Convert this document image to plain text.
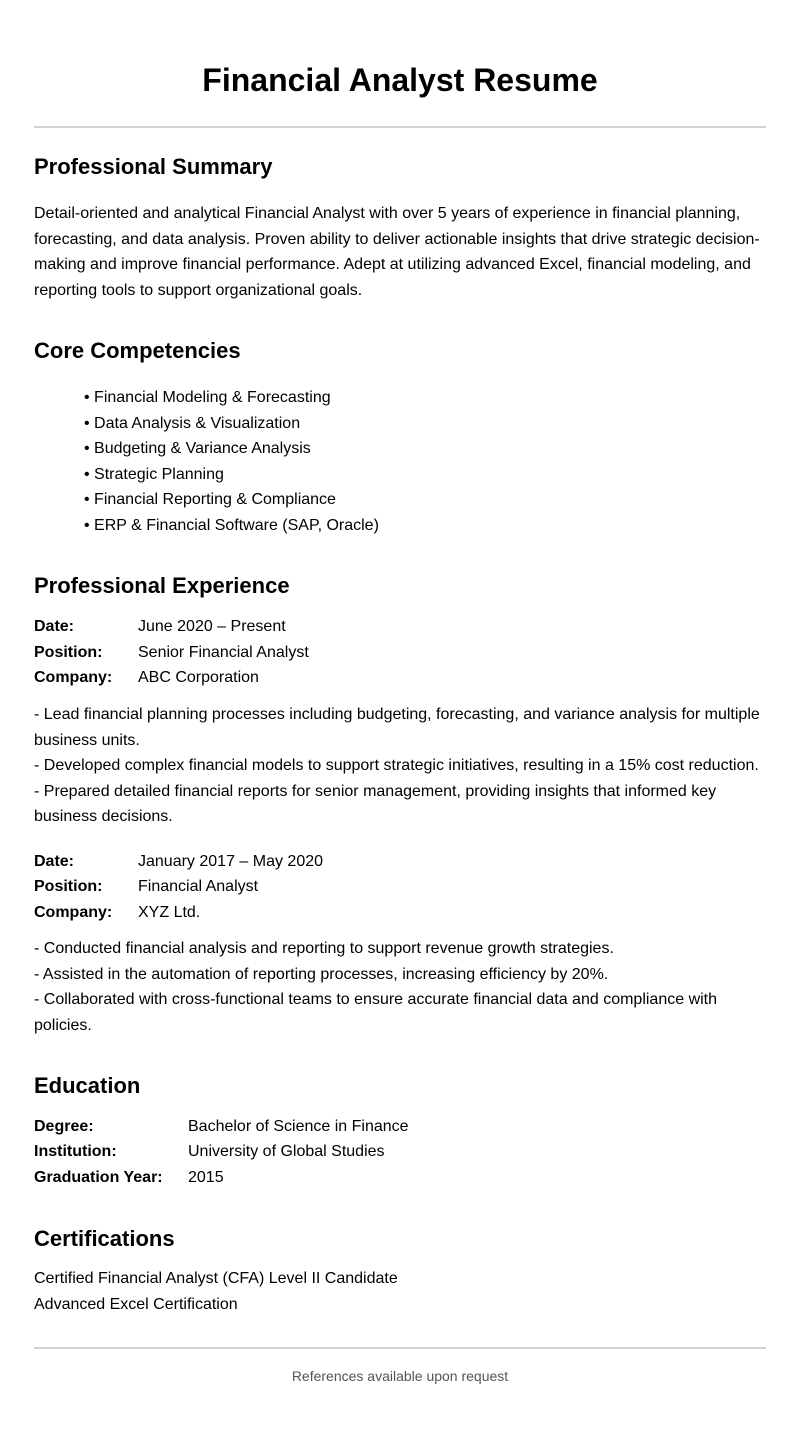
Financial Analyst Resume
Professional Summary

Detail-oriented and analytical Financial Analyst with over 5 years of experience in financial planning, forecasting, and data analysis. Proven ability to deliver actionable insights that drive strategic decision-making and improve financial performance. Adept at utilizing advanced Excel, financial modeling, and reporting tools to support organizational goals.

Core Competencies
• Financial Modeling & Forecasting
• Data Analysis & Visualization
• Budgeting & Variance Analysis
• Strategic Planning
• Financial Reporting & Compliance
• ERP & Financial Software (SAP, Oracle)
Professional Experience
Date:	June 2020 – Present
Position: Senior Financial Analyst
Company: ABC Corporation

- Lead financial planning processes including budgeting, forecasting, and variance analysis for multiple business units.
- Developed complex financial models to support strategic initiatives, resulting in a 15% cost reduction.
- Prepared detailed financial reports for senior management, providing insights that informed key business decisions.

Date:	January 2017 – May 2020
Position: Financial Analyst
Company: XYZ Ltd.

- Conducted financial analysis and reporting to support revenue growth strategies.
- Assisted in the automation of reporting processes, increasing efficiency by 20%.
- Collaborated with cross-functional teams to ensure accurate financial data and compliance with policies.

Education
Degree:	Bachelor of Science in Finance
Institution:	University of Global Studies
Graduation Year: 2015
Certifications

Certified Financial Analyst (CFA) Level II Candidate

Advanced Excel Certification

References available upon request
